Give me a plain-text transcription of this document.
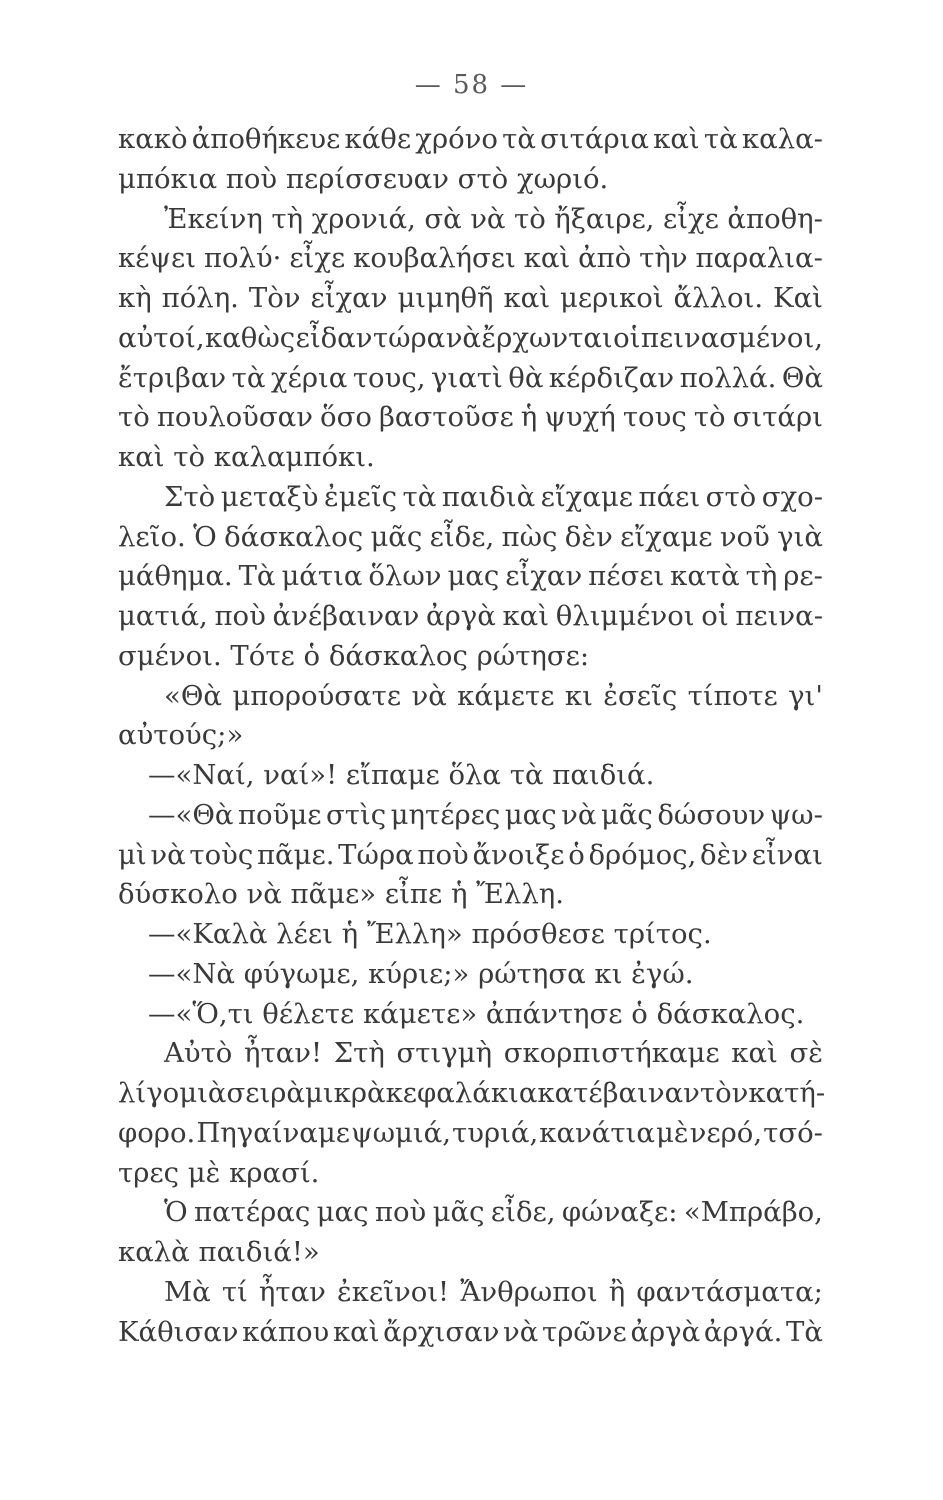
— 58 —
κακὸ ἀποθήκευε κάθε χρόνο τὰ σιτάρια καὶ τὰ καλα-
μπόκια ποὺ περίσσευαν στὸ χωριό.
Ἐκείνη τὴ χρονιά, σὰ νὰ τὸ ἤξαιρε, εἶχε ἀποθη-
κέψει πολύ· εἶχε κουβαλήσει καὶ ἀπὸ τὴν παραλια-
κὴ πόλη. Τὸν εἶχαν μιμηθῆ καὶ μερικοὶ ἄλλοι. Καὶ
αὐτοί, καθὼς εἶδαν τώρα νὰ ἔρχωνται οἱ πεινασμένοι,
ἔτριβαν τὰ χέρια τους, γιατὶ θὰ κέρδιζαν πολλά. Θὰ
τὸ πουλοῦσαν ὅσο βαστοῦσε ἡ ψυχή τους τὸ σιτάρι
καὶ τὸ καλαμπόκι.
Στὸ μεταξὺ ἐμεῖς τὰ παιδιὰ εἴχαμε πάει στὸ σχο-
λεῖο. Ὁ δάσκαλος μᾶς εἶδε, πὼς δὲν εἴχαμε νοῦ γιὰ
μάθημα. Τὰ μάτια ὅλων μας εἶχαν πέσει κατὰ τὴ ρε-
ματιά, ποὺ ἀνέβαιναν ἀργὰ καὶ θλιμμένοι οἱ πεινα-
σμένοι. Τότε ὁ δάσκαλος ρώτησε:
«Θὰ μπορούσατε νὰ κάμετε κι ἐσεῖς τίποτε γι'
αὐτούς;»
—«Ναί, ναί»! εἴπαμε ὅλα τὰ παιδιά.
—«Θὰ ποῦμε στὶς μητέρες μας νὰ μᾶς δώσουν ψω-
μὶ νὰ τοὺς πᾶμε. Τώρα ποὺ ἄνοιξε ὁ δρόμος, δὲν εἶναι
δύσκολο νὰ πᾶμε» εἶπε ἡ Ἔλλη.
—«Καλὰ λέει ἡ Ἔλλη» πρόσθεσε τρίτος.
—«Νὰ φύγωμε, κύριε;» ρώτησα κι ἐγώ.
—«Ὅ,τι θέλετε κάμετε» ἀπάντησε ὁ δάσκαλος.
Αὐτὸ ἦταν! Στὴ στιγμὴ σκορπιστήκαμε καὶ σὲ
λίγο μιὰ σειρὰ μικρὰ κεφαλάκια κατέβαιναν τὸν κατή-
φορο. Πηγαίναμε ψωμιά, τυριά, κανάτια μὲ νερό, τσό-
τρες μὲ κρασί.
Ὁ πατέρας μας ποὺ μᾶς εἶδε, φώναξε: «Μπράβο,
καλὰ παιδιά!»
Μὰ τί ἦταν ἐκεῖνοι! Ἄνθρωποι ἢ φαντάσματα;
Κάθισαν κάπου καὶ ἄρχισαν νὰ τρῶνε ἀργὰ ἀργά. Τὰ
